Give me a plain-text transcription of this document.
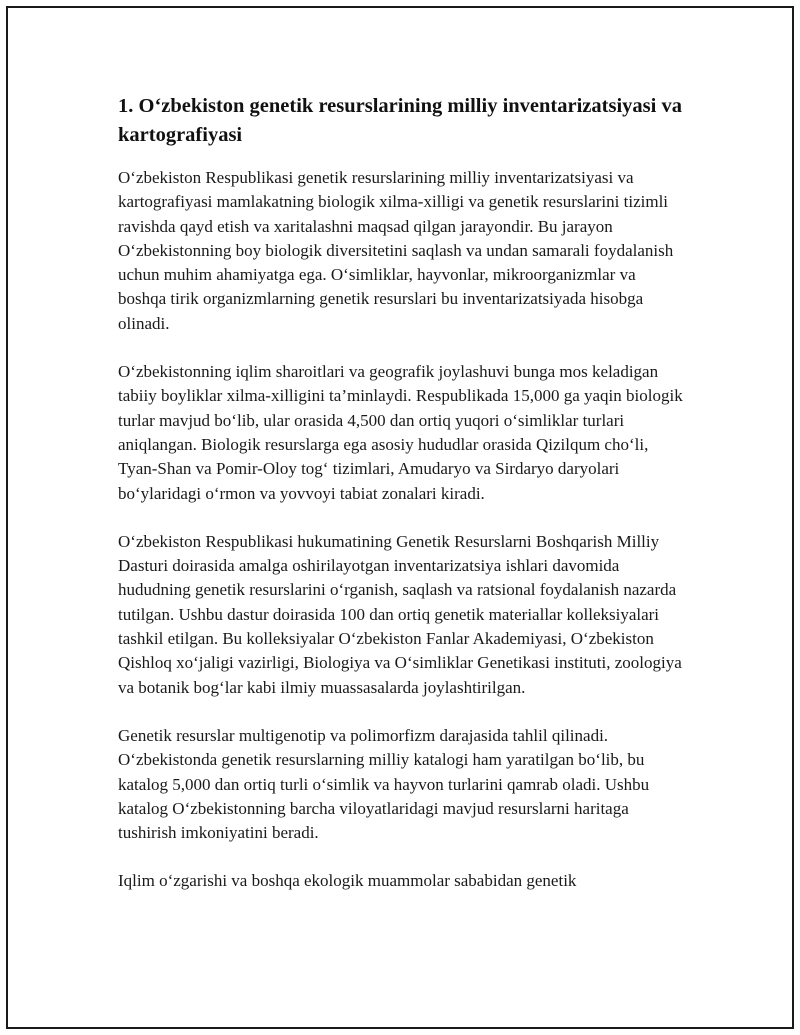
1. O‘zbekiston genetik resurslarining milliy inventarizatsiyasi va kartografiyasi

O‘zbekiston Respublikasi genetik resurslarining milliy inventarizatsiyasi va kartografiyasi mamlakatning biologik xilma-xilligi va genetik resurslarini tizimli ravishda qayd etish va xaritalashni maqsad qilgan jarayondir. Bu jarayon O‘zbekistonning boy biologik diversitetini saqlash va undan samarali foydalanish uchun muhim ahamiyatga ega. O‘simliklar, hayvonlar, mikroorganizmlar va boshqa tirik organizmlarning genetik resurslari bu inventarizatsiyada hisobga olinadi.

O‘zbekistonning iqlim sharoitlari va geografik joylashuvi bunga mos keladigan tabiiy boyliklar xilma-xilligini ta’minlaydi. Respublikada 15,000 ga yaqin biologik turlar mavjud bo‘lib, ular orasida 4,500 dan ortiq yuqori o‘simliklar turlari aniqlangan. Biologik resurslarga ega asosiy hududlar orasida Qizilqum cho‘li, Tyan-Shan va Pomir-Oloy tog‘ tizimlari, Amudaryo va Sirdaryo daryolari bo‘ylaridagi o‘rmon va yovvoyi tabiat zonalari kiradi.

O‘zbekiston Respublikasi hukumatining Genetik Resurslarni Boshqarish Milliy Dasturi doirasida amalga oshirilayotgan inventarizatsiya ishlari davomida hududning genetik resurslarini o‘rganish, saqlash va ratsional foydalanish nazarda tutilgan. Ushbu dastur doirasida 100 dan ortiq genetik materiallar kolleksiyalari tashkil etilgan. Bu kolleksiyalar O‘zbekiston Fanlar Akademiyasi, O‘zbekiston Qishloq xo‘jaligi vazirligi, Biologiya va O‘simliklar Genetikasi instituti, zoologiya va botanik bog‘lar kabi ilmiy muassasalarda joylashtirilgan.

Genetik resurslar multigenotip va polimorfizm darajasida tahlil qilinadi. O‘zbekistonda genetik resurslarning milliy katalogi ham yaratilgan bo‘lib, bu katalog 5,000 dan ortiq turli o‘simlik va hayvon turlarini qamrab oladi. Ushbu katalog O‘zbekistonning barcha viloyatlaridagi mavjud resurslarni haritaga tushirish imkoniyatini beradi.

Iqlim o‘zgarishi va boshqa ekologik muammolar sababidan genetik
